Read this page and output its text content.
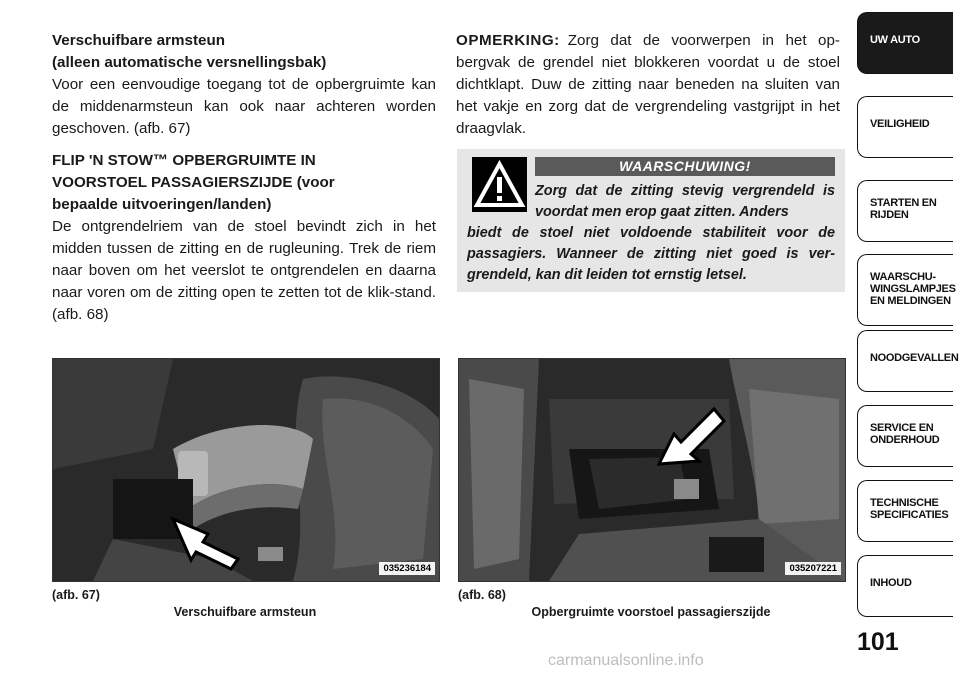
Verschuifbare armsteun

(alleen automatische versnellingsbak)

Voor een eenvoudige toegang tot de opbergruimte kan de middenarmsteun kan ook naar achteren worden geschoven. (afb. 67)

FLIP 'N STOW™ OPBERGRUIMTE IN

VOORSTOEL PASSAGIERSZIJDE (voor

bepaalde uitvoeringen/landen)

De ontgrendelriem van de stoel bevindt zich in het midden tussen de zitting en de rugleuning. Trek de riem naar boven om het veerslot te ontgrendelen en daarna naar voren om de zitting open te zetten tot de klik-stand. (afb. 68)

OPMERKING: Zorg dat de voorwerpen in het op-bergvak de grendel niet blokkeren voordat u de stoel dichtklapt. Duw de zitting naar beneden na sluiten van het vakje en zorg dat de vergrendeling vastgrijpt in het draagvlak.

WAARSCHUWING!
Zorg dat de zitting stevig vergrendeld is voordat men erop gaat zitten. Anders
biedt de stoel niet voldoende stabiliteit voor de passagiers. Wanneer de zitting niet goed is ver-grendeld, kan dit leiden tot ernstig letsel.
035236184
(afb. 67)
Verschuifbare armsteun
035207221
(afb. 68)
Opbergruimte voorstoel passagierszijde
UW AUTO
VEILIGHEID
STARTEN EN
RIJDEN
WAARSCHU-
WINGSLAMPJES
EN MELDINGEN
NOODGEVALLEN
SERVICE EN
ONDERHOUD
TECHNISCHE
SPECIFICATIES
INHOUD
101
carmanualsonline.info
